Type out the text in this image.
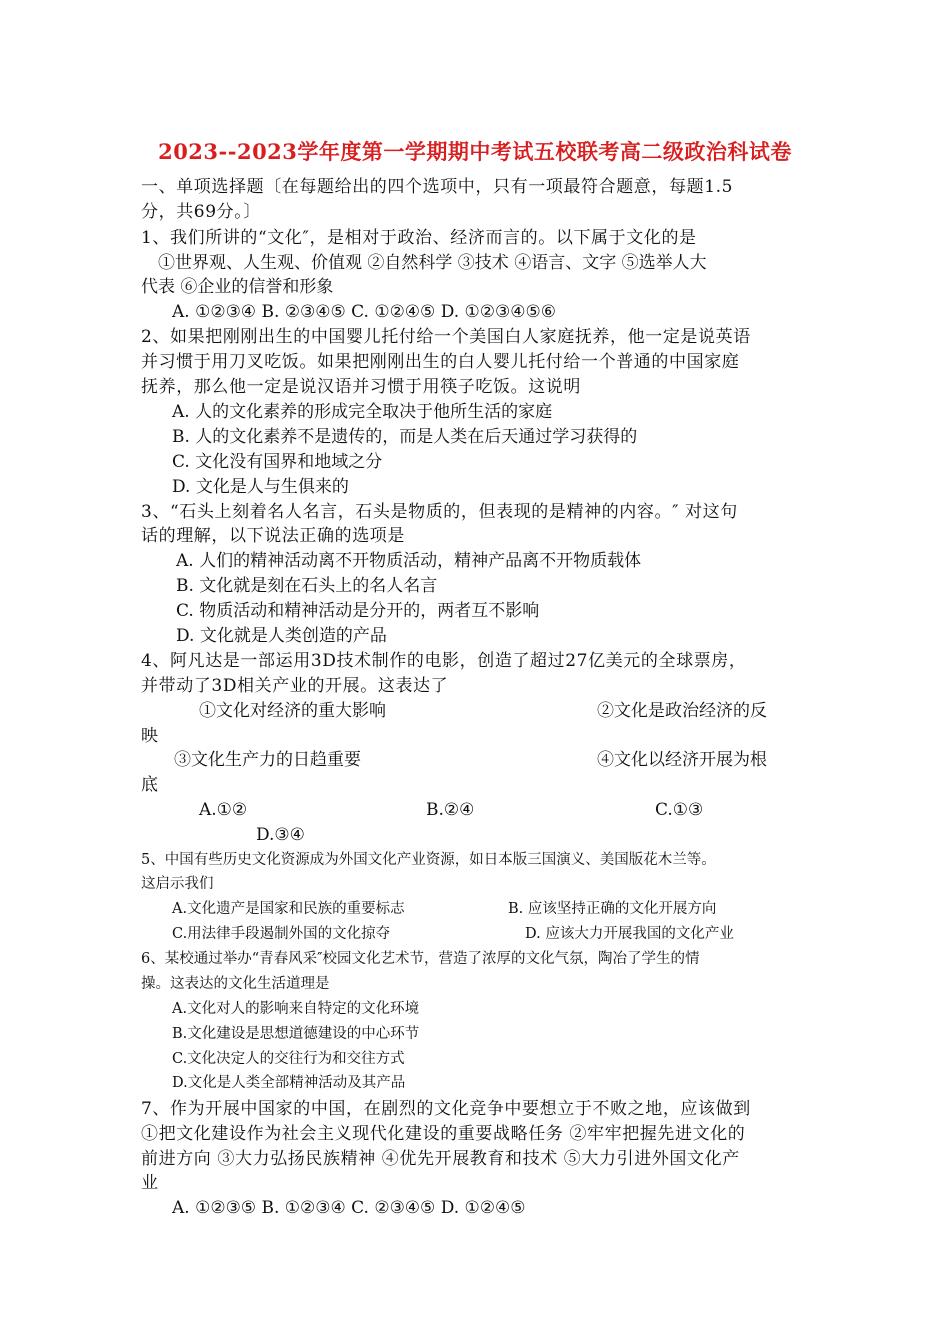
2023--2023学年度第一学期期中考试五校联考高二级政治科试卷
一、单项选择题〔在每题给出的四个选项中，只有一项最符合题意，每题1.5
分，共69分。〕
1、我们所讲的“文化″，是相对于政治、经济而言的。以下属于文化的是
①世界观、人生观、价值观 ②自然科学 ③技术 ④语言、文字 ⑤选举人大
代表 ⑥企业的信誉和形象
A. ①②③④ B. ②③④⑤ C. ①②④⑤ D. ①②③④⑤⑥
2、如果把刚刚出生的中国婴儿托付给一个美国白人家庭抚养，他一定是说英语
并习惯于用刀叉吃饭。如果把刚刚出生的白人婴儿托付给一个普通的中国家庭
抚养，那么他一定是说汉语并习惯于用筷子吃饭。这说明
A. 人的文化素养的形成完全取决于他所生活的家庭
B. 人的文化素养不是遗传的，而是人类在后天通过学习获得的
C. 文化没有国界和地域之分
D. 文化是人与生俱来的
3、“石头上刻着名人名言，石头是物质的，但表现的是精神的内容。″ 对这句
话的理解，以下说法正确的选项是
A. 人们的精神活动离不开物质活动，精神产品离不开物质载体
B. 文化就是刻在石头上的名人名言
C. 物质活动和精神活动是分开的，两者互不影响
D. 文化就是人类创造的产品
4、阿凡达是一部运用3D技术制作的电影，创造了超过27亿美元的全球票房，
并带动了3D相关产业的开展。这表达了
①文化对经济的重大影响	②文化是政治经济的反
映
③文化生产力的日趋重要	④文化以经济开展为根
底
A.①②	B.②④	C.①③
D.③④
5、中国有些历史文化资源成为外国文化产业资源，如日本版三国演义、美国版花木兰等。
这启示我们
A.文化遗产是国家和民族的重要标志	B. 应该坚持正确的文化开展方向
C.用法律手段遏制外国的文化掠夺	D. 应该大力开展我国的文化产业
6、某校通过举办“青春风采″校园文化艺术节，营造了浓厚的文化气氛，陶冶了学生的情
操。这表达的文化生活道理是
A.文化对人的影响来自特定的文化环境
B.文化建设是思想道德建设的中心环节
C.文化决定人的交往行为和交往方式
D.文化是人类全部精神活动及其产品
7、作为开展中国家的中国，在剧烈的文化竞争中要想立于不败之地，应该做到
①把文化建设作为社会主义现代化建设的重要战略任务 ②牢牢把握先进文化的
前进方向 ③大力弘扬民族精神 ④优先开展教育和技术 ⑤大力引进外国文化产
业
A. ①②③⑤ B. ①②③④ C. ②③④⑤ D. ①②④⑤
